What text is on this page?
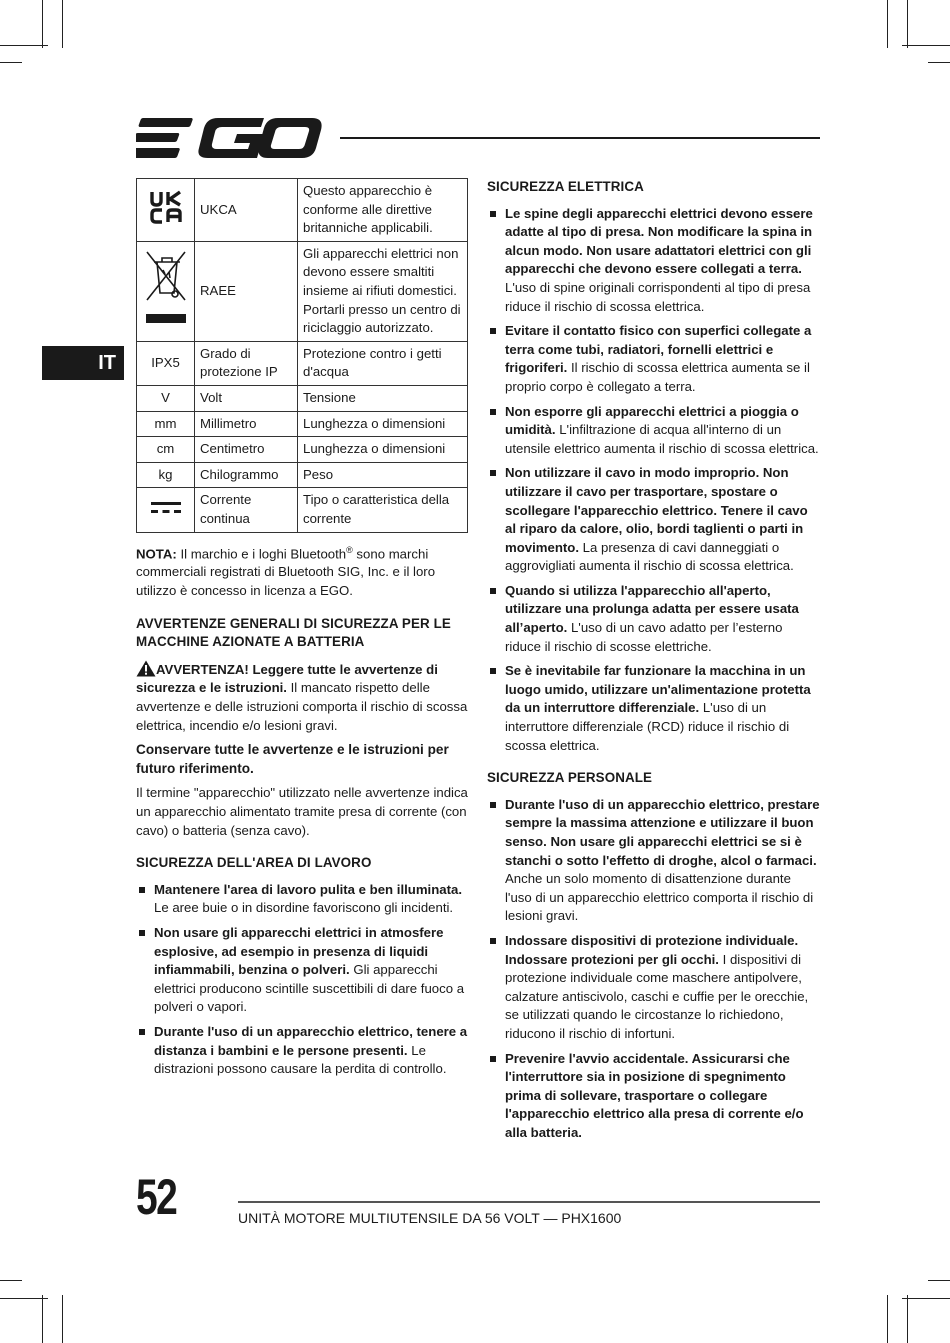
IT
	UKCA	Questo apparecchio è conforme alle direttive britanniche applicabili.
	RAEE	Gli apparecchi elettrici non devono essere smaltiti insieme ai rifiuti domestici. Portarli presso un centro di riciclaggio autorizzato.
IPX5	Grado di protezione IP	Protezione contro i getti d'acqua
V	Volt	Tensione
mm	Millimetro	Lunghezza o dimensioni
cm	Centimetro	Lunghezza o dimensioni
kg	Chilogrammo	Peso
	Corrente continua	Tipo o caratteristica della corrente

NOTA: Il marchio e i loghi Bluetooth® sono marchi commerciali registrati di Bluetooth SIG, Inc. e il loro utilizzo è concesso in licenza a EGO.

AVVERTENZE GENERALI DI SICUREZZA PER LE MACCHINE AZIONATE A BATTERIA

AVVERTENZA! Leggere tutte le avvertenze di sicurezza e le istruzioni. Il mancato rispetto delle avvertenze e delle istruzioni comporta il rischio di scossa elettrica, incendio e/o lesioni gravi.

Conservare tutte le avvertenze e le istruzioni per futuro riferimento.

Il termine "apparecchio" utilizzato nelle avvertenze indica un apparecchio alimentato tramite presa di corrente (con cavo) o batteria (senza cavo).

SICUREZZA DELL'AREA DI LAVORO
Mantenere l'area di lavoro pulita e ben illuminata. Le aree buie o in disordine favoriscono gli incidenti.
Non usare gli apparecchi elettrici in atmosfere esplosive, ad esempio in presenza di liquidi infiammabili, benzina o polveri. Gli apparecchi elettrici producono scintille suscettibili di dare fuoco a polveri o vapori.
Durante l'uso di un apparecchio elettrico, tenere a distanza i bambini e le persone presenti. Le distrazioni possono causare la perdita di controllo.
SICUREZZA ELETTRICA
Le spine degli apparecchi elettrici devono essere adatte al tipo di presa. Non modificare la spina in alcun modo. Non usare adattatori elettrici con gli apparecchi che devono essere collegati a terra. L'uso di spine originali corrispondenti al tipo di presa riduce il rischio di scossa elettrica.
Evitare il contatto fisico con superfici collegate a terra come tubi, radiatori, fornelli elettrici e frigoriferi. Il rischio di scossa elettrica aumenta se il proprio corpo è collegato a terra.
Non esporre gli apparecchi elettrici a pioggia o umidità. L'infiltrazione di acqua all'interno di un utensile elettrico aumenta il rischio di scossa elettrica.
Non utilizzare il cavo in modo improprio. Non utilizzare il cavo per trasportare, spostare o scollegare l'apparecchio elettrico. Tenere il cavo al riparo da calore, olio, bordi taglienti o parti in movimento. La presenza di cavi danneggiati o aggrovigliati aumenta il rischio di scossa elettrica.
Quando si utilizza l'apparecchio all'aperto, utilizzare una prolunga adatta per essere usata all’aperto. L'uso di un cavo adatto per l’esterno riduce il rischio di scosse elettriche.
Se è inevitabile far funzionare la macchina in un luogo umido, utilizzare un'alimentazione protetta da un interruttore differenziale. L'uso di un interruttore differenziale (RCD) riduce il rischio di scossa elettrica.
SICUREZZA PERSONALE
Durante l'uso di un apparecchio elettrico, prestare sempre la massima attenzione e utilizzare il buon senso. Non usare gli apparecchi elettrici se si è stanchi o sotto l'effetto di droghe, alcol o farmaci. Anche un solo momento di disattenzione durante l'uso di un apparecchio elettrico comporta il rischio di lesioni gravi.
Indossare dispositivi di protezione individuale. Indossare protezioni per gli occhi. I dispositivi di protezione individuale come maschere antipolvere, calzature antiscivolo, caschi e cuffie per le orecchie, se utilizzati quando le circostanze lo richiedono, riducono il rischio di infortuni.
Prevenire l'avvio accidentale. Assicurarsi che l'interruttore sia in posizione di spegnimento prima di sollevare, trasportare o collegare l'apparecchio elettrico alla presa di corrente e/o alla batteria.
52	UNITÀ MOTORE MULTIUTENSILE DA 56 VOLT — PHX1600
